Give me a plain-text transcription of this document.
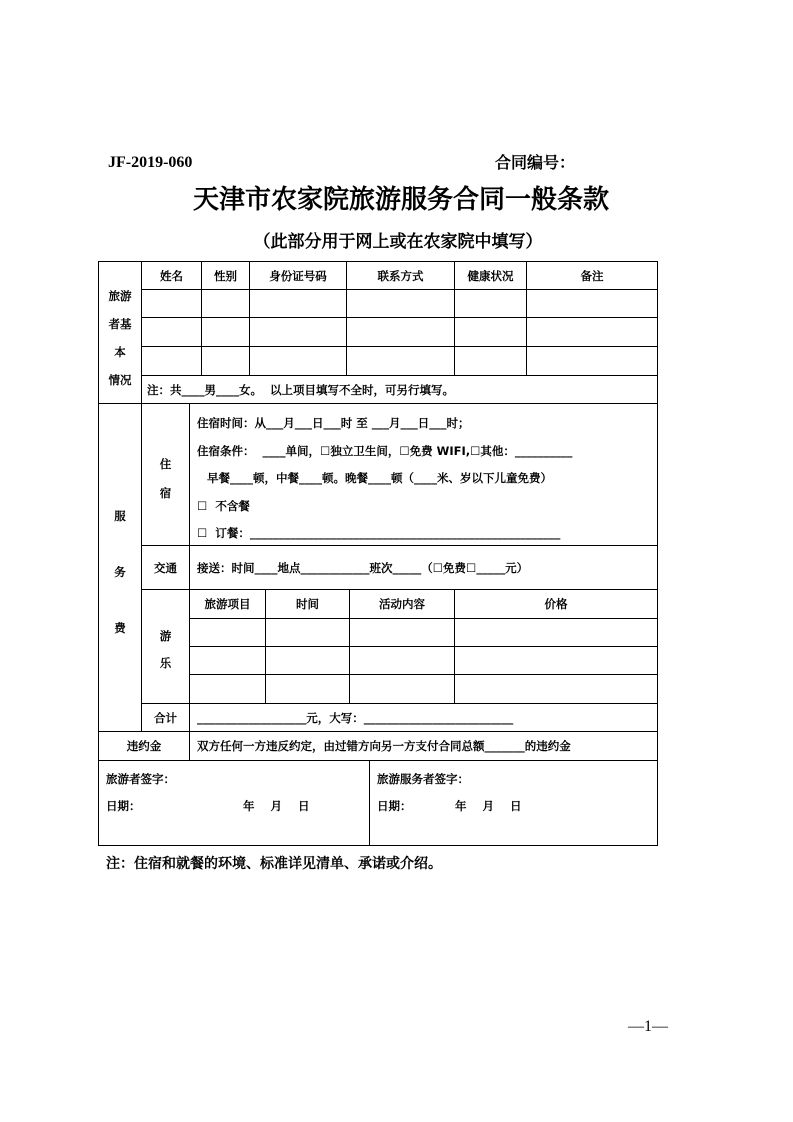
JF-2019-060	合同编号：
天津市农家院旅游服务合同一般条款
（此部分用于网上或在农家院中填写）
旅游
者基
本
情况
姓名	性别	身份证号码	联系方式	健康状况	备注
注：共____男____女。  以上项目填写不全时，可另行填写。
服
务
费
住
宿
住宿时间：从___月___日___时 至 ___月___日___时；
住宿条件：  ____单间，☐独立卫生间，☐免费 WIFI,☐其他：__________
早餐____顿，中餐____顿。晚餐____顿（____米、岁以下儿童免费）
☐  不含餐
☐  订餐：______________________________________________________
交通	接送：时间____地点____________班次_____（☐免费☐_____元）
游
乐
旅游项目	时间	活动内容	价格
合计	___________________元，大写：__________________________
违约金	双方任何一方违反约定，由过错方向另一方支付合同总额_______的违约金
旅游者签字：
日期：	年  月  日
旅游服务者签字：
日期：	年  月  日
注：住宿和就餐的环境、标准详见清单、承诺或介绍。
—1—
